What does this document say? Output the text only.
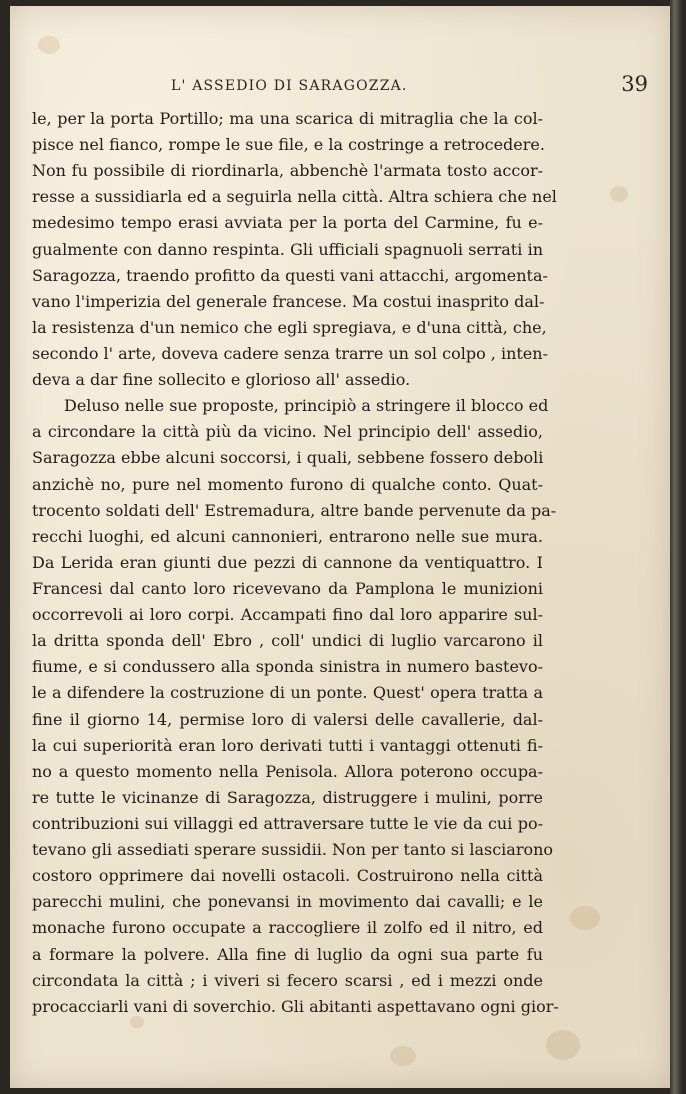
L' ASSEDIO DI SARAGOZZA.	39
le, per la porta Portillo; ma una scarica di mitraglia che la col-
pisce nel fianco, rompe le sue file, e la costringe a retrocedere.
Non fu possibile di riordinarla, abbenchè l'armata tosto accor-
resse a sussidiarla ed a seguirla nella città. Altra schiera che nel
medesimo tempo erasi avviata per la porta del Carmine, fu e-
gualmente con danno respinta. Gli ufficiali spagnuoli serrati in
Saragozza, traendo profitto da questi vani attacchi, argomenta-
vano l'imperizia del generale francese. Ma costui inasprito dal-
la resistenza d'un nemico che egli spregiava, e d'una città, che,
secondo l' arte, doveva cadere senza trarre un sol colpo , inten-
deva a dar fine sollecito e glorioso all' assedio.
Deluso nelle sue proposte, principiò a stringere il blocco ed
a circondare la città più da vicino. Nel principio dell' assedio,
Saragozza ebbe alcuni soccorsi, i quali, sebbene fossero deboli
anzichè no, pure nel momento furono di qualche conto. Quat-
trocento soldati dell' Estremadura, altre bande pervenute da pa-
recchi luoghi, ed alcuni cannonieri, entrarono nelle sue mura.
Da Lerida eran giunti due pezzi di cannone da ventiquattro. I
Francesi dal canto loro ricevevano da Pamplona le munizioni
occorrevoli ai loro corpi. Accampati fino dal loro apparire sul-
la dritta sponda dell' Ebro , coll' undici di luglio varcarono il
fiume, e si condussero alla sponda sinistra in numero bastevo-
le a difendere la costruzione di un ponte. Quest' opera tratta a
fine il giorno 14, permise loro di valersi delle cavallerie, dal-
la cui superiorità eran loro derivati tutti i vantaggi ottenuti fi-
no a questo momento nella Penisola. Allora poterono occupa-
re tutte le vicinanze di Saragozza, distruggere i mulini, porre
contribuzioni sui villaggi ed attraversare tutte le vie da cui po-
tevano gli assediati sperare sussidii. Non per tanto si lasciarono
costoro opprimere dai novelli ostacoli. Costruirono nella città
parecchi mulini, che ponevansi in movimento dai cavalli; e le
monache furono occupate a raccogliere il zolfo ed il nitro, ed
a formare la polvere. Alla fine di luglio da ogni sua parte fu
circondata la città ; i viveri si fecero scarsi , ed i mezzi onde
procacciarli vani di soverchio. Gli abitanti aspettavano ogni gior-
